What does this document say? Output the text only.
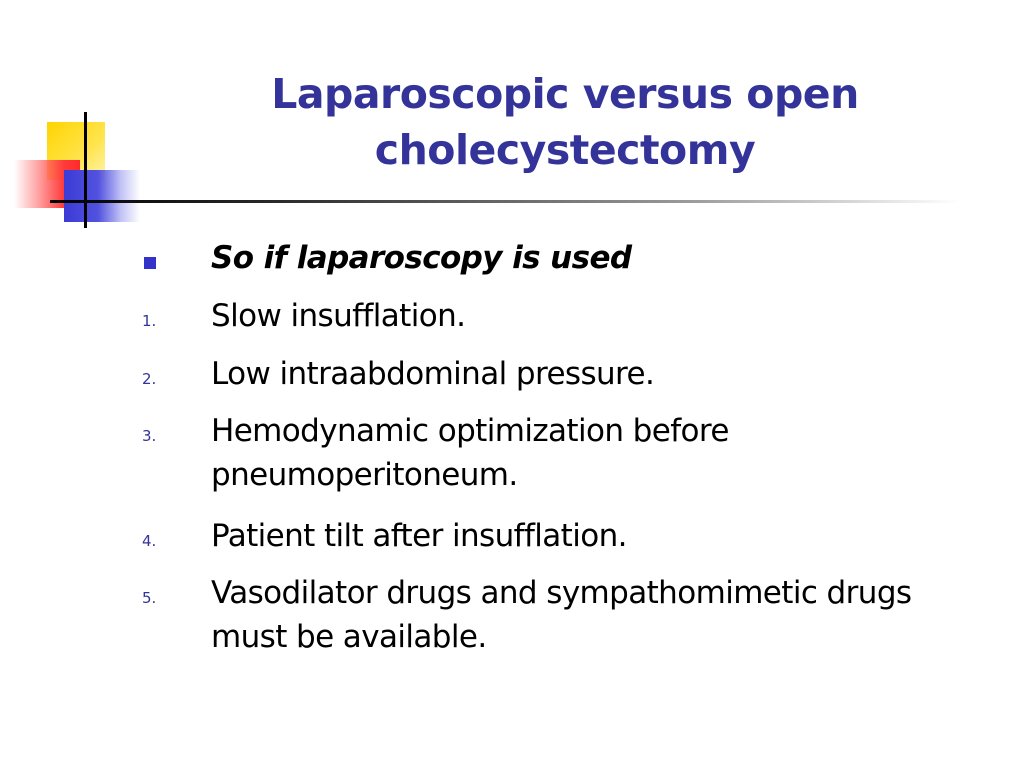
Laparoscopic versus open cholecystectomy

So if laparoscopy is used

1. Slow insufflation.

2. Low intraabdominal pressure.

3. Hemodynamic optimization before pneumoperitoneum.

4. Patient tilt after insufflation.

5. Vasodilator drugs and sympathomimetic drugs must be available.
